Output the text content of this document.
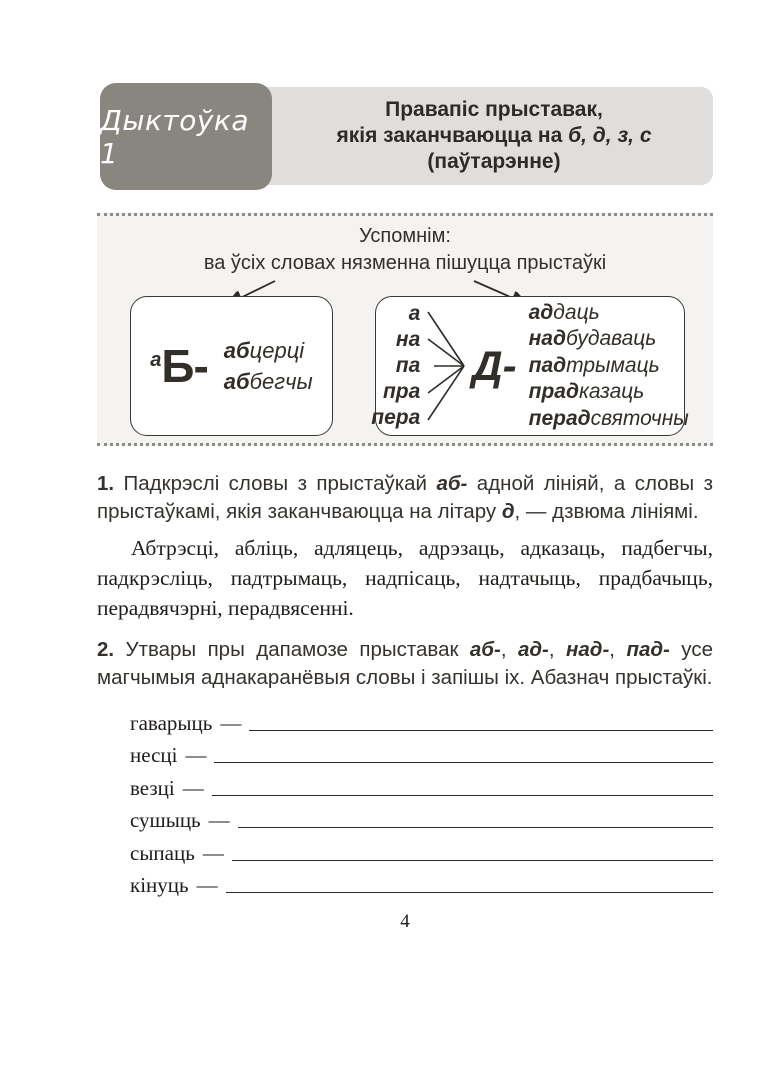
Правапіс прыставак,
якія заканчваюцца на б, д, з, с
(паўтарэнне)
Дыктоўка 1
Успомнім:
ва ўсіх словах нязменна пішуцца прыстаўкі
а Б- абцерці
аббегчы
а
на
па
пра
пера
Д-
аддаць
надбудаваць
падтрымаць
прадказаць
перадсвяточны
1. Падкрэслі словы з прыстаўкай аб- адной лініяй, а словы з прыстаўкамі, якія заканчваюцца на літару д, — дзвюма лініямі.
Абтрэсці, абліць, адляцець, адрэзаць, адказаць, падбегчы, падкрэсліць, падтрымаць, надпісаць, надтачыць, прадбачыць, перадвячэрні, перадвясенні.
2. Утвары пры дапамозе прыставак аб-, ад-, над-, пад- усе магчымыя аднакаранёвыя словы і запішы іх. Абазнач прыстаўкі.
гаварыць —
несці —
везці —
сушыць —
сыпаць —
кінуць —
4
